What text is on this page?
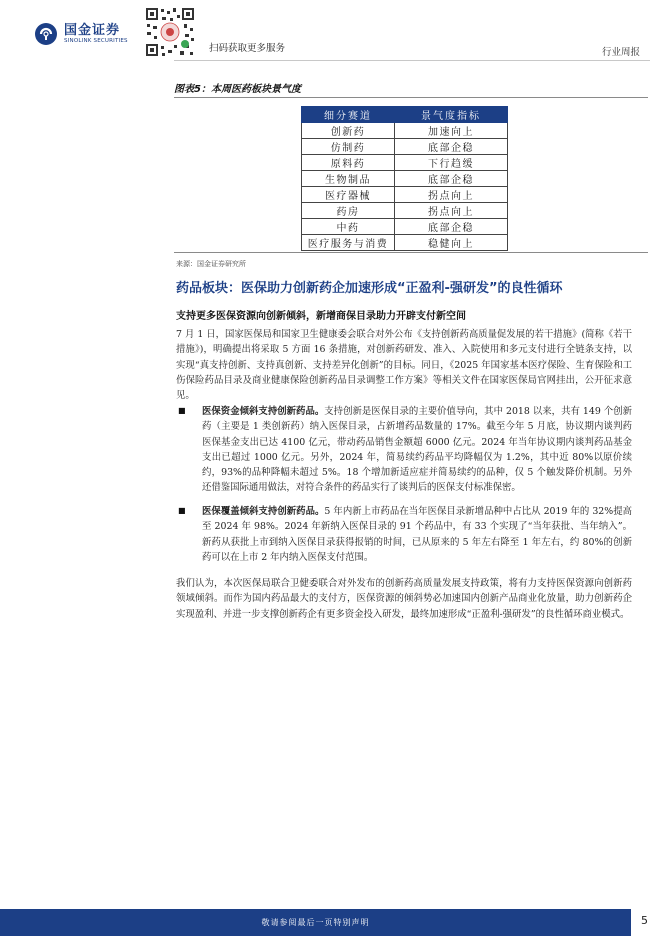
国金证券
SINOLINK SECURITIES
扫码获取更多服务	行业周报
图表5：本周医药板块景气度
细分赛道	景气度指标
创新药	加速向上
仿制药	底部企稳
原料药	下行趋缓
生物制品	底部企稳
医疗器械	拐点向上
药房	拐点向上
中药	底部企稳
医疗服务与消费	稳健向上
来源：国金证券研究所
药品板块：医保助力创新药企加速形成“正盈利-强研发”的良性循环
支持更多医保资源向创新倾斜，新增商保目录助力开辟支付新空间
7 月 1 日，国家医保局和国家卫生健康委会联合对外公布《支持创新药高质量促发展的若干措施》(简称《若干措施》)，明确提出将采取 5 方面 16 条措施，对创新药研发、准入、入院使用和多元支付进行全链条支持，以实现“真支持创新、支持真创新、支持差异化创新”的目标。同日，《2025 年国家基本医疗保险、生育保险和工伤保险药品目录及商业健康保险创新药品目录调整工作方案》等相关文件在国家医保局官网挂出，公开征求意见。
■ 医保资金倾斜支持创新药品。支持创新是医保目录的主要价值导向，其中 2018 以来，共有 149 个创新药（主要是 1 类创新药）纳入医保目录，占新增药品数量的 17%。截至今年 5 月底，协议期内谈判药医保基金支出已达 4100 亿元，带动药品销售金额超 6000 亿元。2024 年当年协议期内谈判药品基金支出已超过 1000 亿元。另外，2024 年，简易续约药品平均降幅仅为 1.2%，其中近 80%以原价续约，93%的品种降幅未超过 5%。18 个增加新适应症并简易续约的品种，仅 5 个触发降价机制。另外还借鉴国际通用做法，对符合条件的药品实行了谈判后的医保支付标准保密。
■ 医保覆盖倾斜支持创新药品。5 年内新上市药品在当年医保目录新增品种中占比从 2019 年的 32%提高至 2024 年 98%。2024 年新纳入医保目录的 91 个药品中，有 33 个实现了“当年获批、当年纳入”。新药从获批上市到纳入医保目录获得报销的时间，已从原来的 5 年左右降至 1 年左右，约 80%的创新药可以在上市 2 年内纳入医保支付范围。
我们认为，本次医保局联合卫健委联合对外发布的创新药高质量发展支持政策，将有力支持医保资源向创新药领域倾斜。而作为国内药品最大的支付方，医保资源的倾斜势必加速国内创新产品商业化放量，助力创新药企实现盈利、并进一步支撑创新药企有更多资金投入研发，最终加速形成“正盈利-强研发”的良性循环商业模式。
敬请参阅最后一页特别声明	5
